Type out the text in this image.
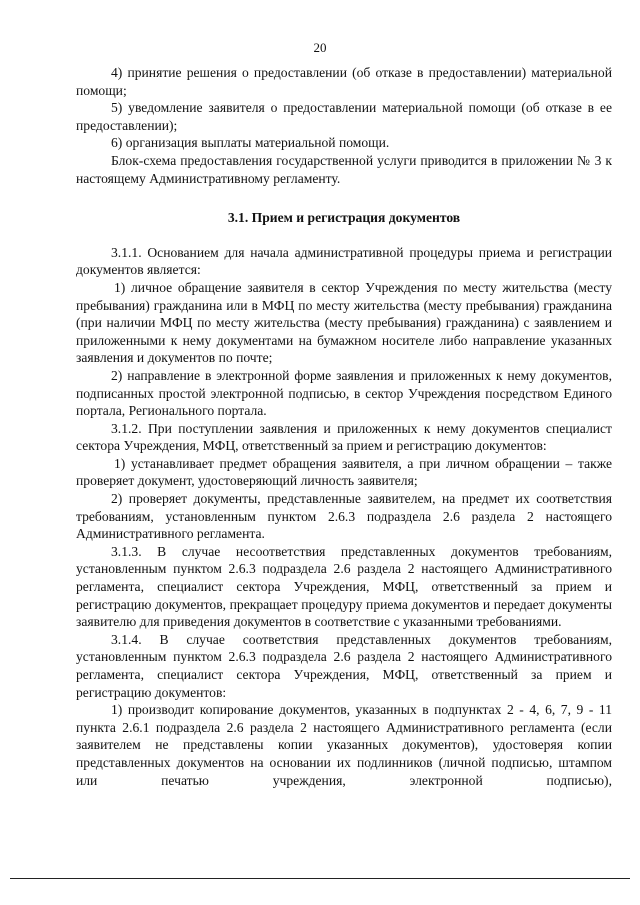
20

4) принятие решения о предоставлении (об отказе в предоставлении) материальной помощи;

5) уведомление заявителя о предоставлении материальной помощи (об отказе в ее предоставлении);

6) организация выплаты материальной помощи.

Блок-схема предоставления государственной услуги приводится в приложении № 3 к настоящему Административному регламенту.

3.1. Прием и регистрация документов

3.1.1. Основанием для начала административной процедуры приема и регистрации документов является:

1) личное обращение заявителя в сектор Учреждения по месту жительства (месту пребывания) гражданина или в МФЦ по месту жительства (месту пребывания) гражданина (при наличии МФЦ по месту жительства (месту пребывания) гражданина) с заявлением и приложенными к нему документами на бумажном носителе либо направление указанных заявления и документов по почте;

2) направление в электронной форме заявления и приложенных к нему документов, подписанных простой электронной подписью, в сектор Учреждения посредством Единого портала, Регионального портала.

3.1.2. При поступлении заявления и приложенных к нему документов специалист сектора Учреждения, МФЦ, ответственный за прием и регистрацию документов:

1) устанавливает предмет обращения заявителя, а при личном обращении – также проверяет документ, удостоверяющий личность заявителя;

2) проверяет документы, представленные заявителем, на предмет их соответствия требованиям, установленным пунктом 2.6.3 подраздела 2.6 раздела 2 настоящего Административного регламента.

3.1.3. В случае несоответствия представленных документов требованиям, установленным пунктом 2.6.3 подраздела 2.6 раздела 2 настоящего Административного регламента, специалист сектора Учреждения, МФЦ, ответственный за прием и регистрацию документов, прекращает процедуру приема документов и передает документы заявителю для приведения документов в соответствие с указанными требованиями.

3.1.4. В случае соответствия представленных документов требованиям, установленным пунктом 2.6.3 подраздела 2.6 раздела 2 настоящего Административного регламента, специалист сектора Учреждения, МФЦ, ответственный за прием и регистрацию документов:

1) производит копирование документов, указанных в подпунктах 2 - 4, 6, 7, 9 - 11 пункта 2.6.1 подраздела 2.6 раздела 2 настоящего Административного регламента (если заявителем не представлены копии указанных документов), удостоверяя копии представленных документов на основании их подлинников (личной подписью, штампом или печатью учреждения, электронной подписью),
